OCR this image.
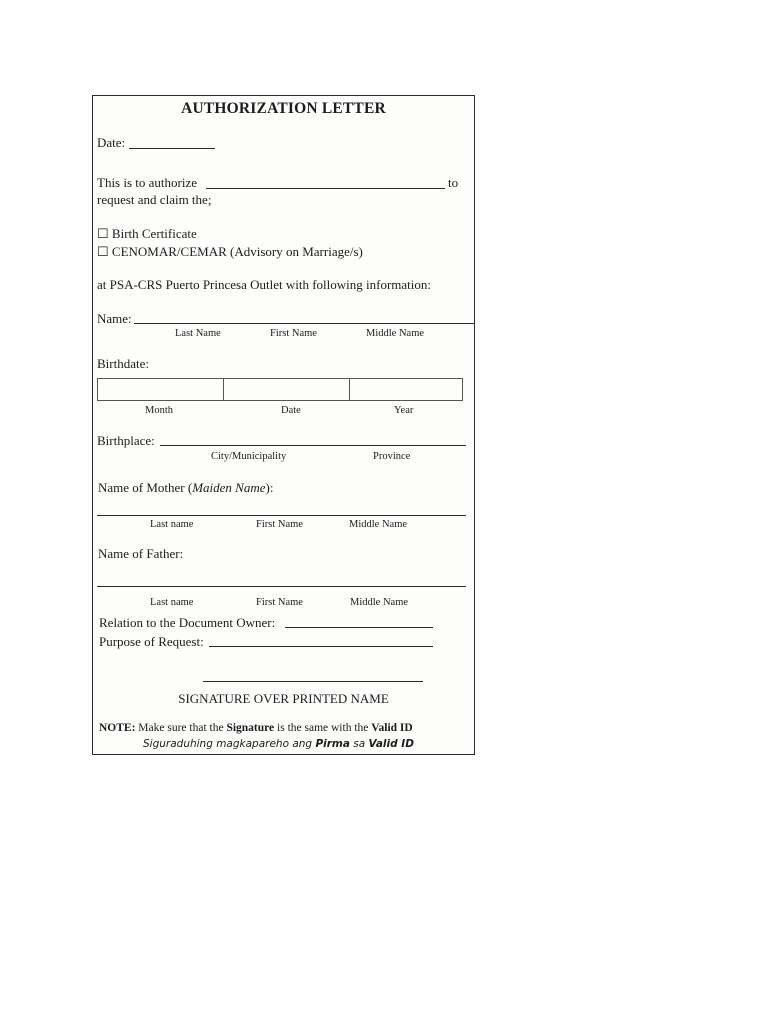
AUTHORIZATION LETTER
Date:
This is to authorize	to
request and claim the;
☐ Birth Certificate
☐ CENOMAR/CEMAR (Advisory on Marriage/s)
at PSA-CRS Puerto Princesa Outlet with following information:
Name:
Last Name	First Name	Middle Name
Birthdate:
Month	Date	Year
Birthplace:
City/Municipality	Province
Name of Mother (Maiden Name):
Last name	First Name	Middle Name
Name of Father:
Last name	First Name	Middle Name
Relation to the Document Owner:
Purpose of Request:
SIGNATURE OVER PRINTED NAME
NOTE: Make sure that the Signature is the same with the Valid ID
Siguraduhing magkapareho ang Pirma sa Valid ID
